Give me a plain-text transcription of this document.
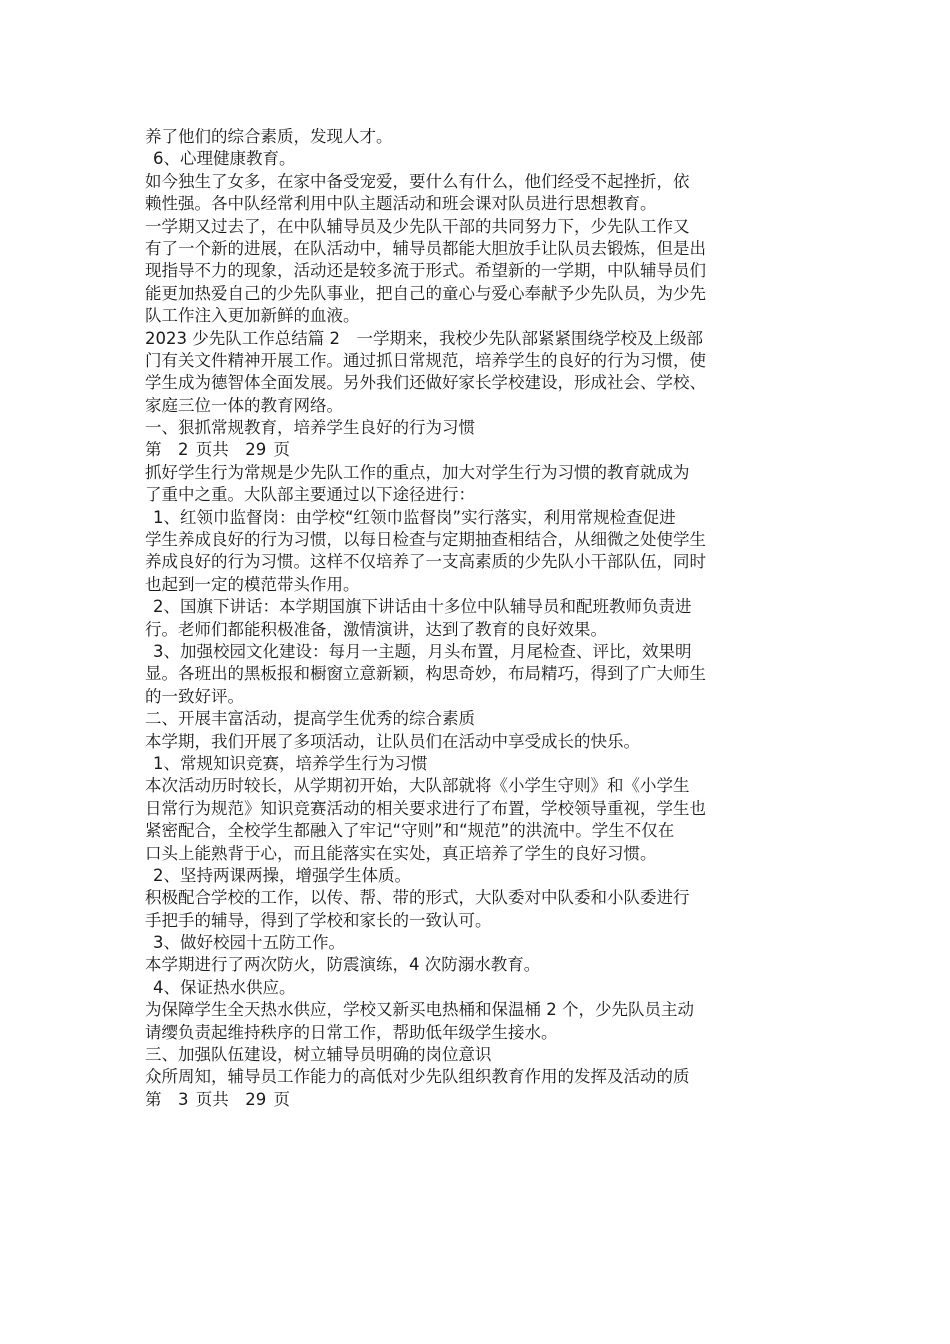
养了他们的综合素质，发现人才。
6、心理健康教育。
如今独生了女多，在家中备受宠爱，要什么有什么，他们经受不起挫折，依
赖性强。各中队经常利用中队主题活动和班会课对队员进行思想教育。
一学期又过去了，在中队辅导员及少先队干部的共同努力下，少先队工作又
有了一个新的进展，在队活动中，辅导员都能大胆放手让队员去锻炼，但是出
现指导不力的现象，活动还是较多流于形式。希望新的一学期，中队辅导员们
能更加热爱自己的少先队事业，把自己的童心与爱心奉献予少先队员，为少先
队工作注入更加新鲜的血液。
2023 少先队工作总结篇 2　一学期来，我校少先队部紧紧围绕学校及上级部
门有关文件精神开展工作。通过抓日常规范，培养学生的良好的行为习惯，使
学生成为德智体全面发展。另外我们还做好家长学校建设，形成社会、学校、
家庭三位一体的教育网络。
一、狠抓常规教育，培养学生良好的行为习惯
第　2 页共　29 页
抓好学生行为常规是少先队工作的重点，加大对学生行为习惯的教育就成为
了重中之重。大队部主要通过以下途径进行：
1、红领巾监督岗：由学校“红领巾监督岗”实行落实，利用常规检查促进
学生养成良好的行为习惯，以每日检查与定期抽查相结合，从细微之处使学生
养成良好的行为习惯。这样不仅培养了一支高素质的少先队小干部队伍，同时
也起到一定的模范带头作用。
2、国旗下讲话：本学期国旗下讲话由十多位中队辅导员和配班教师负责进
行。老师们都能积极准备，激情演讲，达到了教育的良好效果。
3、加强校园文化建设：每月一主题，月头布置，月尾检查、评比，效果明
显。各班出的黑板报和橱窗立意新颖，构思奇妙，布局精巧，得到了广大师生
的一致好评。
二、开展丰富活动，提高学生优秀的综合素质
本学期，我们开展了多项活动，让队员们在活动中享受成长的快乐。
1、常规知识竞赛，培养学生行为习惯
本次活动历时较长，从学期初开始，大队部就将《小学生守则》和《小学生
日常行为规范》知识竞赛活动的相关要求进行了布置，学校领导重视，学生也
紧密配合，全校学生都融入了牢记“守则”和“规范”的洪流中。学生不仅在
口头上能熟背于心，而且能落实在实处，真正培养了学生的良好习惯。
2、坚持两课两操，增强学生体质。
积极配合学校的工作，以传、帮、带的形式，大队委对中队委和小队委进行
手把手的辅导，得到了学校和家长的一致认可。
3、做好校园十五防工作。
本学期进行了两次防火，防震演练，4 次防溺水教育。
4、保证热水供应。
为保障学生全天热水供应，学校又新买电热桶和保温桶 2 个，少先队员主动
请缨负责起维持秩序的日常工作，帮助低年级学生接水。
三、加强队伍建设，树立辅导员明确的岗位意识
众所周知，辅导员工作能力的高低对少先队组织教育作用的发挥及活动的质
第　3 页共　29 页
